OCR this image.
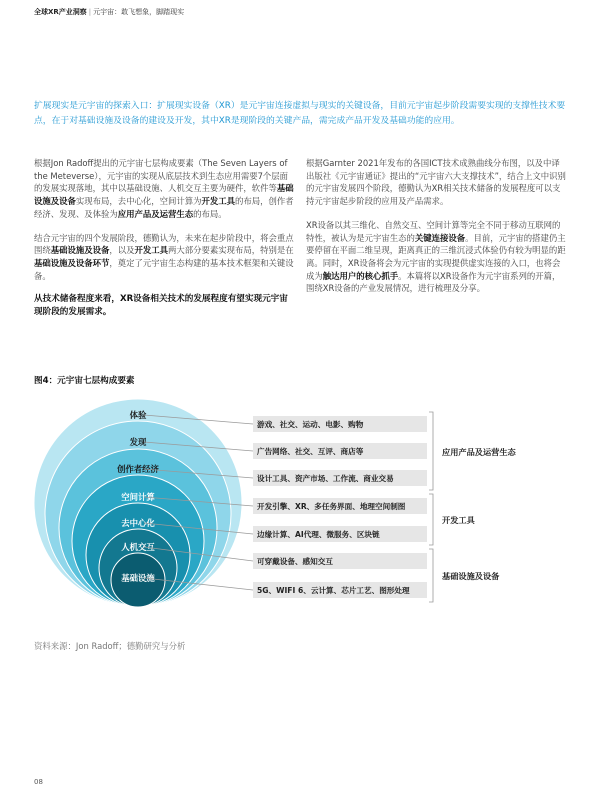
全球XR产业洞察 | 元宇宙：敢飞想象，脚踏现实
扩展现实是元宇宙的探索入口：扩展现实设备（XR）是元宇宙连接虚拟与现实的关键设备，目前元宇宙起步阶段需要实现的支撑性技术要点，在于对基础设施及设备的建设及开发，其中XR是现阶段的关键产品，需完成产品开发及基础功能的应用。

根据Jon Radoff提出的元宇宙七层构成要素（The Seven Layers of the Meteverse），元宇宙的实现从底层技术到生态应用需要7个层面的发展实现落地，其中以基础设施、人机交互主要为硬件，软件等基础设施及设备实现布局，去中心化，空间计算为开发工具的布局，创作者经济、发现、及体验为应用产品及运营生态的布局。

结合元宇宙的四个发展阶段，德勤认为，未来在起步阶段中，将会重点围绕基础设施及设备，以及开发工具两大部分要素实现布局，特别是在基础设施及设备环节，奠定了元宇宙生态构建的基本技术框架和关键设备。

从技术储备程度来看，XR设备相关技术的发展程度有望实现元宇宙现阶段的发展需求。

根据Garnter 2021年发布的各国ICT技术成熟曲线分布图，以及中译出版社《元宇宙通证》提出的“元宇宙六大支撑技术”，结合上文中识别的元宇宙发展四个阶段，德勤认为XR相关技术储备的发展程度可以支持元宇宙起步阶段的应用及产品需求。

XR设备以其三维化、自然交互、空间计算等完全不同于移动互联网的特性，被认为是元宇宙生态的关键连接设备。目前，元宇宙的搭建仍主要停留在平面二维呈现，距离真正的三维沉浸式体验仍有较为明显的距离。同时，XR设备将会为元宇宙的实现提供虚实连接的入口，也将会成为触达用户的核心抓手。本篇将以XR设备作为元宇宙系列的开篇，围绕XR设备的产业发展情况，进行梳理及分享。

图4：元宇宙七层构成要素
体验
发现
创作者经济
空间计算
去中心化
人机交互
基础设施
游戏、社交、运动、电影、购物
广告网络、社交、互评、商店等
设计工具、资产市场、工作流、商业交易
开发引擎、XR、多任务界面、地理空间制图
边缘计算、AI代理、微服务、区块链
可穿戴设备、感知交互
5G、WIFI 6、云计算、芯片工艺、图形处理
应用产品及运营生态
开发工具
基础设施及设备
资料来源：Jon Radoff；德勤研究与分析
08
